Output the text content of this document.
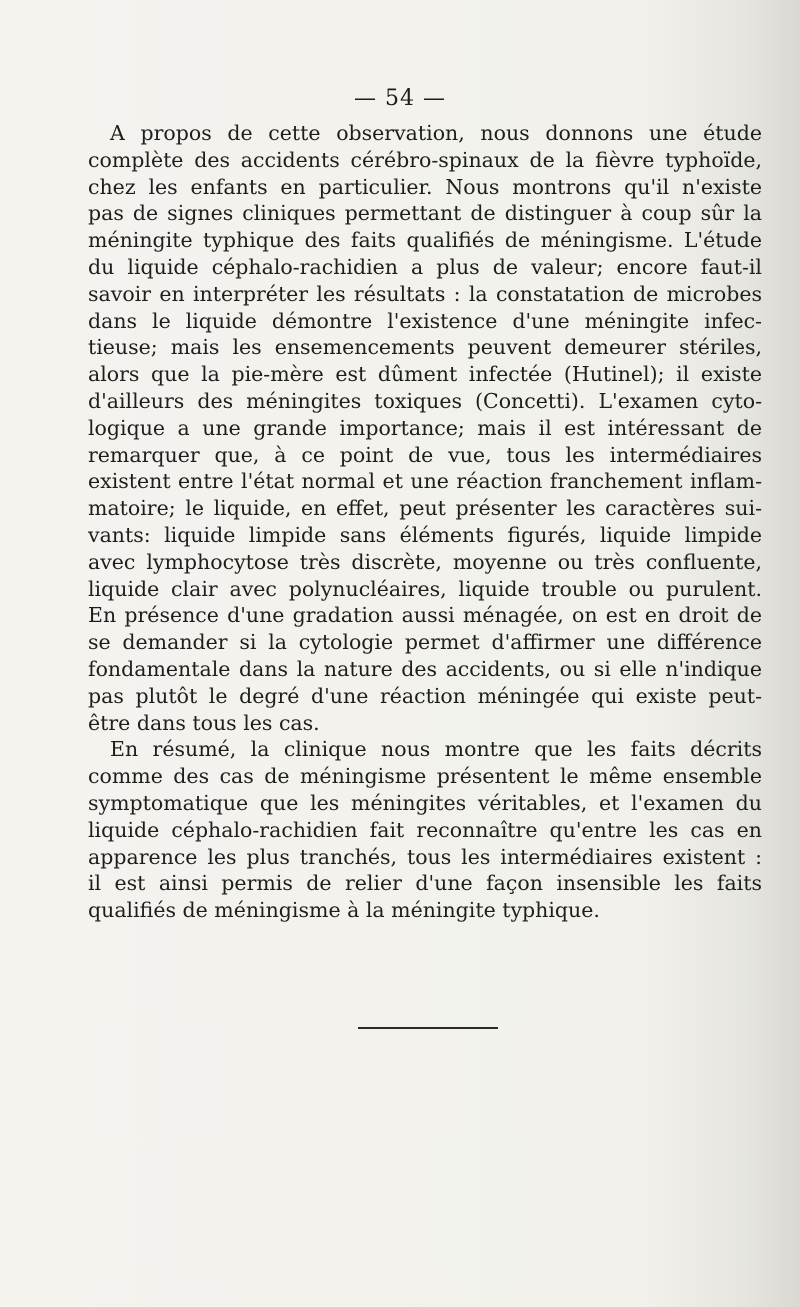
— 54 —
A propos de cette observation, nous donnons une étude
complète des accidents cérébro-spinaux de la fièvre typhoïde,
chez les enfants en particulier. Nous montrons qu'il n'existe
pas de signes cliniques permettant de distinguer à coup sûr la
méningite typhique des faits qualifiés de méningisme. L'étude
du liquide céphalo-rachidien a plus de valeur; encore faut-il
savoir en interpréter les résultats : la constatation de microbes
dans le liquide démontre l'existence d'une méningite infec-
tieuse; mais les ensemencements peuvent demeurer stériles,
alors que la pie-mère est dûment infectée (Hutinel); il existe
d'ailleurs des méningites toxiques (Concetti). L'examen cyto-
logique a une grande importance; mais il est intéressant de
remarquer que, à ce point de vue, tous les intermédiaires
existent entre l'état normal et une réaction franchement inflam-
matoire; le liquide, en effet, peut présenter les caractères sui-
vants: liquide limpide sans éléments figurés, liquide limpide
avec lymphocytose très discrète, moyenne ou très confluente,
liquide clair avec polynucléaires, liquide trouble ou purulent.
En présence d'une gradation aussi ménagée, on est en droit de
se demander si la cytologie permet d'affirmer une différence
fondamentale dans la nature des accidents, ou si elle n'indique
pas plutôt le degré d'une réaction méningée qui existe peut-
être dans tous les cas.
En résumé, la clinique nous montre que les faits décrits
comme des cas de méningisme présentent le même ensemble
symptomatique que les méningites véritables, et l'examen du
liquide céphalo-rachidien fait reconnaître qu'entre les cas en
apparence les plus tranchés, tous les intermédiaires existent :
il est ainsi permis de relier d'une façon insensible les faits
qualifiés de méningisme à la méningite typhique.
